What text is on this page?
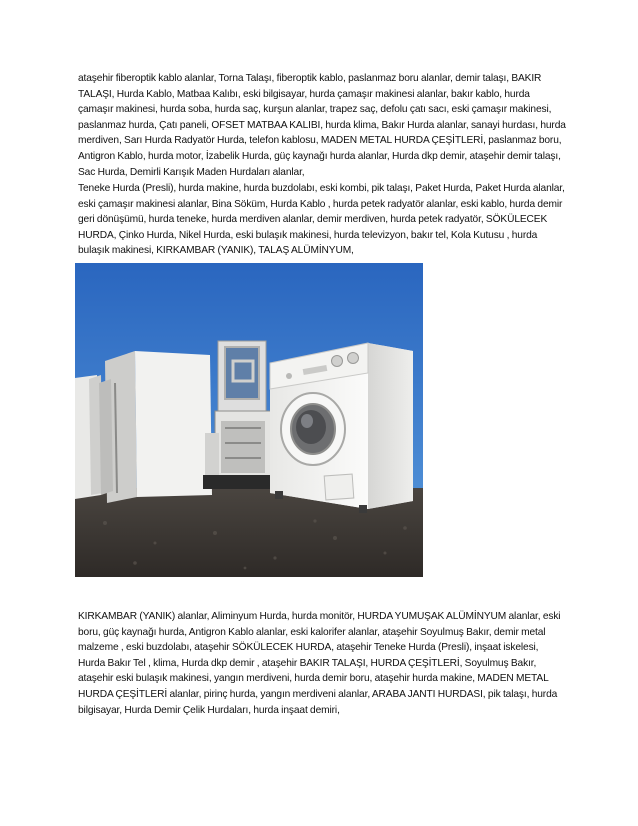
ataşehir fiberoptik kablo alanlar, Torna Talaşı, fiberoptik kablo, paslanmaz boru alanlar, demir talaşı, BAKIR TALAŞI, Hurda Kablo, Matbaa Kalıbı, eski bilgisayar, hurda çamaşır makinesi alanlar, bakır kablo, hurda çamaşır makinesi, hurda soba, hurda saç, kurşun alanlar, trapez saç, defolu çatı sacı, eski çamaşır makinesi, paslanmaz hurda, Çatı paneli, OFSET MATBAA KALIBI, hurda klima, Bakır Hurda alanlar, sanayi hurdası, hurda merdiven, Sarı Hurda Radyatör Hurda, telefon kablosu, MADEN METAL HURDA ÇEŞİTLERİ, paslanmaz boru, Antigron Kablo, hurda motor, İzabelik Hurda, güç kaynağı hurda alanlar, Hurda dkp demir, ataşehir demir talaşı, Sac Hurda, Demirli Karışık Maden Hurdaları alanlar,

Teneke Hurda (Presli), hurda makine, hurda buzdolabı, eski kombi, pik talaşı, Paket Hurda, Paket Hurda alanlar, eski çamaşır makinesi alanlar, Bina Söküm, Hurda Kablo , hurda petek radyatör alanlar, eski kablo, hurda demir geri dönüşümü, hurda teneke, hurda merdiven alanlar, demir merdiven, hurda petek radyatör, SÖKÜLECEK HURDA, Çinko Hurda, Nikel Hurda, eski bulaşık makinesi, hurda televizyon, bakır tel, Kola Kutusu , hurda bulaşık makinesi, KIRKAMBAR (YANIK), TALAŞ ALÜMİNYUM,

KIRKAMBAR (YANIK) alanlar, Aliminyum Hurda, hurda monitör, HURDA YUMUŞAK ALÜMİNYUM alanlar, eski boru, güç kaynağı hurda, Antigron Kablo alanlar, eski kalorifer alanlar, ataşehir Soyulmuş Bakır, demir metal malzeme , eski buzdolabı, ataşehir SÖKÜLECEK HURDA, ataşehir Teneke Hurda (Presli), inşaat iskelesi, Hurda Bakır Tel , klima, Hurda dkp demir , ataşehir BAKIR TALAŞI, HURDA ÇEŞİTLERİ, Soyulmuş Bakır, ataşehir eski bulaşık makinesi, yangın merdiveni, hurda demir boru, ataşehir hurda makine, MADEN METAL HURDA ÇEŞİTLERİ alanlar, pirinç hurda, yangın merdiveni alanlar, ARABA JANTI HURDASI, pik talaşı, hurda bilgisayar, Hurda Demir Çelik Hurdaları, hurda inşaat demiri,
